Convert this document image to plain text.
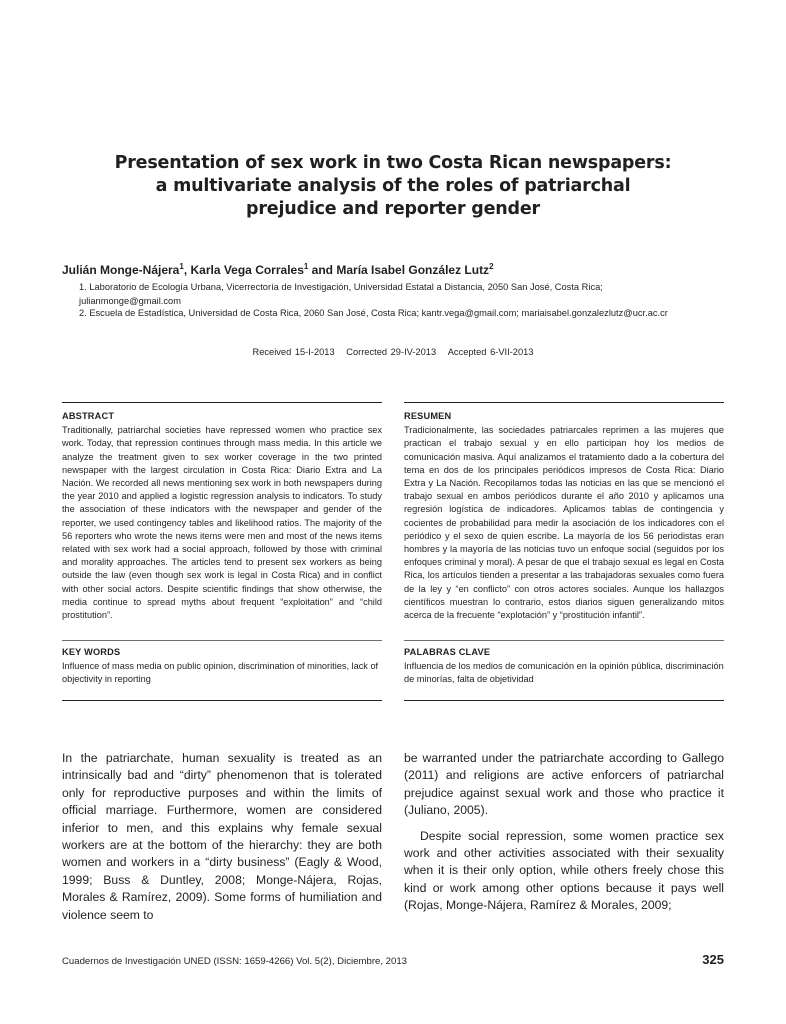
Presentation of sex work in two Costa Rican newspapers:
a multivariate analysis of the roles of patriarchal
prejudice and reporter gender
Julián Monge-Nájera$^1$, Karla Vega Corrales$^1$ and María Isabel González Lutz$^2$
1. Laboratorio de Ecología Urbana, Vicerrectoría de Investigación, Universidad Estatal a Distancia, 2050 San José, Costa Rica;
julianmonge@gmail.com
2. Escuela de Estadística, Universidad de Costa Rica, 2060 San José, Costa Rica; kantr.vega@gmail.com; mariaisabel.gonzalezlutz@ucr.ac.cr
Received 15-I-2013 Corrected 29-IV-2013 Accepted 6-VII-2013
ABSTRACT

Traditionally, patriarchal societies have repressed women who practice sex work. Today, that repression continues through mass media. In this article we analyze the treatment given to sex worker coverage in the two printed newspaper with the largest circulation in Costa Rica: Diario Extra and La Nación. We recorded all news mentioning sex work in both newspapers during the year 2010 and applied a logistic regression analysis to indicators. To study the association of these indicators with the newspaper and gender of the reporter, we used contingency tables and likelihood ratios. The majority of the 56 reporters who wrote the news items were men and most of the news items related with sex work had a social approach, followed by those with criminal and morality approaches. The articles tend to present sex workers as being outside the law (even though sex work is legal in Costa Rica) and in conflict with other social actors. Despite scientific findings that show otherwise, the media continue to spread myths about frequent “exploitation” and “child prostitution”.

RESUMEN

Tradicionalmente, las sociedades patriarcales reprimen a las mujeres que practican el trabajo sexual y en ello participan hoy los medios de comunicación masiva. Aquí analizamos el tratamiento dado a la cobertura del tema en dos de los principales periódicos impresos de Costa Rica: Diario Extra y La Nación. Recopilamos todas las noticias en las que se mencionó el trabajo sexual en ambos periódicos durante el año 2010 y aplicamos una regresión logística de indicadores. Aplicamos tablas de contingencia y cocientes de probabilidad para medir la asociación de los indicadores con el periódico y el sexo de quien escribe. La mayoría de los 56 periodistas eran hombres y la mayoría de las noticias tuvo un enfoque social (seguidos por los enfoques criminal y moral). A pesar de que el trabajo sexual es legal en Costa Rica, los artículos tienden a presentar a las trabajadoras sexuales como fuera de la ley y “en conflicto” con otros actores sociales. Aunque los hallazgos científicos muestran lo contrario, estos diarios siguen generalizando mitos acerca de la frecuente “explotación” y “prostitución infantil”.

KEY WORDS

Influence of mass media on public opinion, discrimination of minorities, lack of objectivity in reporting

PALABRAS CLAVE

Influencia de los medios de comunicación en la opinión pública, discriminación de minorías, falta de objetividad

In the patriarchate, human sexuality is treated as an intrinsically bad and “dirty” phenomenon that is tolerated only for reproductive purposes and within the limits of official marriage. Furthermore, women are considered inferior to men, and this explains why female sexual workers are at the bottom of the hierarchy: they are both women and workers in a “dirty business” (Eagly & Wood, 1999; Buss & Duntley, 2008; Monge-Nájera, Rojas, Morales & Ramírez, 2009). Some forms of humiliation and violence seem to

be warranted under the patriarchate according to Gallego (2011) and religions are active enforcers of patriarchal prejudice against sexual work and those who practice it (Juliano, 2005).

Despite social repression, some women practice sex work and other activities associated with their sexuality when it is their only option, while others freely chose this kind or work among other options because it pays well (Rojas, Monge-Nájera, Ramírez & Morales, 2009;

Cuadernos de Investigación UNED (ISSN: 1659-4266) Vol. 5(2), Diciembre, 2013	325
